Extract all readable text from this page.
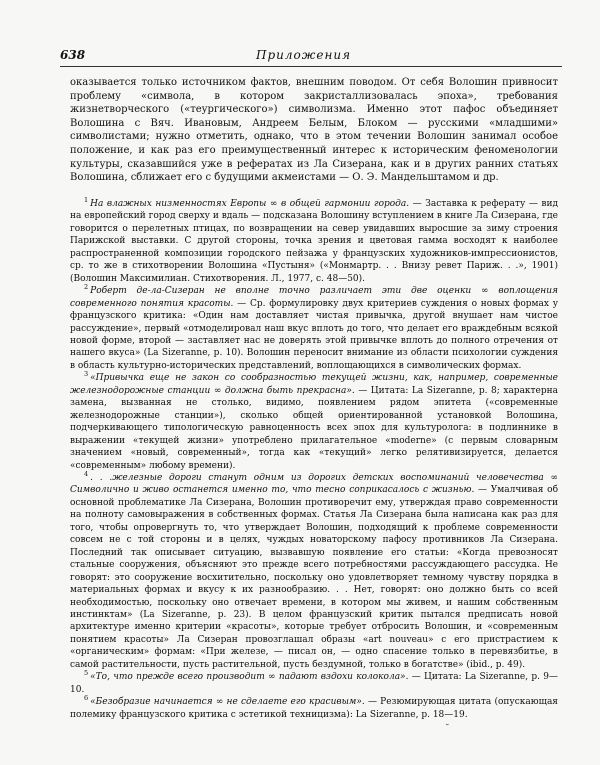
638	Приложения

оказывается только источником фактов, внешним поводом. От себя Волошин привносит проблему «символа, в котором закристаллизовалась эпоха», требования жизнетворческого («теургического») символизма. Именно этот пафос объединяет Волошина с Вяч. Ивановым, Андреем Белым, Блоком — русскими «младшими» символистами; нужно отметить, однако, что в этом течении Волошин занимал особое положение, и как раз его преимущественный интерес к историческим феноменологии культуры, сказавшийся уже в рефератах из Ла Сизерана, как и в других ранних статьях Волошина, сближает его с будущими акмеистами — О. Э. Мандельштамом и др.

$^1$ На влажных низменностях Европы ∞ в общей гармонии города. — Заставка к реферату — вид на европейский город сверху и вдаль — подсказана Волошину вступлением в книге Ла Сизерана, где говорится о перелетных птицах, по возвращении на север увидавших выросшие за зиму строения Парижской выставки. С другой стороны, точка зрения и цветовая гамма восходят к наиболее распространенной композиции городского пейзажа у французских художников-импрессионистов, ср. то же в стихотворении Волошина «Пустыня» («Монмартр. . . Внизу ревет Париж. . .», 1901) (Волошин Максимилиан. Стихотворения. Л., 1977, с. 48—50).

$^2$ Роберт де-ла-Сизеран не вполне точно различает эти две оценки ∞ воплощения современного понятия красоты. — Ср. формулировку двух критериев суждения о новых формах у французского критика: «Один нам доставляет чистая привычка, другой внушает нам чистое рассуждение», первый «отмоделировал наш вкус вплоть до того, что делает его враждебным всякой новой форме, второй — заставляет нас не доверять этой привычке вплоть до полного отречения от нашего вкуса» (La Sizeranne, p. 10). Волошин переносит внимание из области психологии суждения в область культурно-исторических представлений, воплощающихся в символических формах.

$^3$ «Привычка еще не закон со сообразностью текущей жизни, как, например, современные железнодорожные станции ∞ должна быть прекрасна». — Цитата: La Sizeranne, p. 8; характерна замена, вызванная не столько, видимо, появлением рядом эпитета («современные железнодорожные станции»), сколько общей ориентированной установкой Волошина, подчеркивающего типологическую равноценность всех эпох для культуролога: в подлиннике в выражении «текущей жизни» употреблено прилагательное «moderne» (с первым словарным значением «новый, современный», тогда как «текущий» легко релятивизируется, делается «современным» любому времени).

$^4$ . . .железные дороги станут одним из дорогих детских воспоминаний человечества ∞ Символично и живо останется именно то, что тесно соприкасалось с жизнью. — Умалчивая об основной проблематике Ла Сизерана, Волошин противоречит ему, утверждая право современности на полноту самовыражения в собственных формах. Статья Ла Сизерана была написана как раз для того, чтобы опровергнуть то, что утверждает Волошин, подходящий к проблеме современности совсем не с той стороны и в целях, чуждых новаторскому пафосу противников Ла Сизерана. Последний так описывает ситуацию, вызвавшую появление его статьи: «Когда превозносят стальные сооружения, объясняют это прежде всего потребностями рассуждающего рассудка. Не говорят: это сооружение восхитительно, поскольку оно удовлетворяет темному чувству порядка в материальных формах и вкусу к их разнообразию. . . Нет, говорят: оно должно быть со всей необходимостью, поскольку оно отвечает времени, в котором мы живем, и нашим собственным инстинктам» (La Sizeranne, p. 23). В целом французский критик пытался предписать новой архитектуре именно критерии «красоты», которые требует отбросить Волошин, и «современным понятием красоты» Ла Сизеран провозглашал образы «art nouveau» с его пристрастием к «органическим» формам: «При железе, — писал он, — одно спасение только в перевязбитье, в самой растительности, пусть растительной, пусть бездумной, только в богатстве» (ibid., p. 49).

$^5$ «То, что прежде всего производит ∞ падают вздохи колокола». — Цитата: La Sizeranne, p. 9—10.

$^6$ «Безобразие начинается ∞ не сделаете его красивым». — Резюмирующая цитата (опускающая полемику французского критика с эстетикой техницизма): La Sizeranne, p. 18—19.

˘
